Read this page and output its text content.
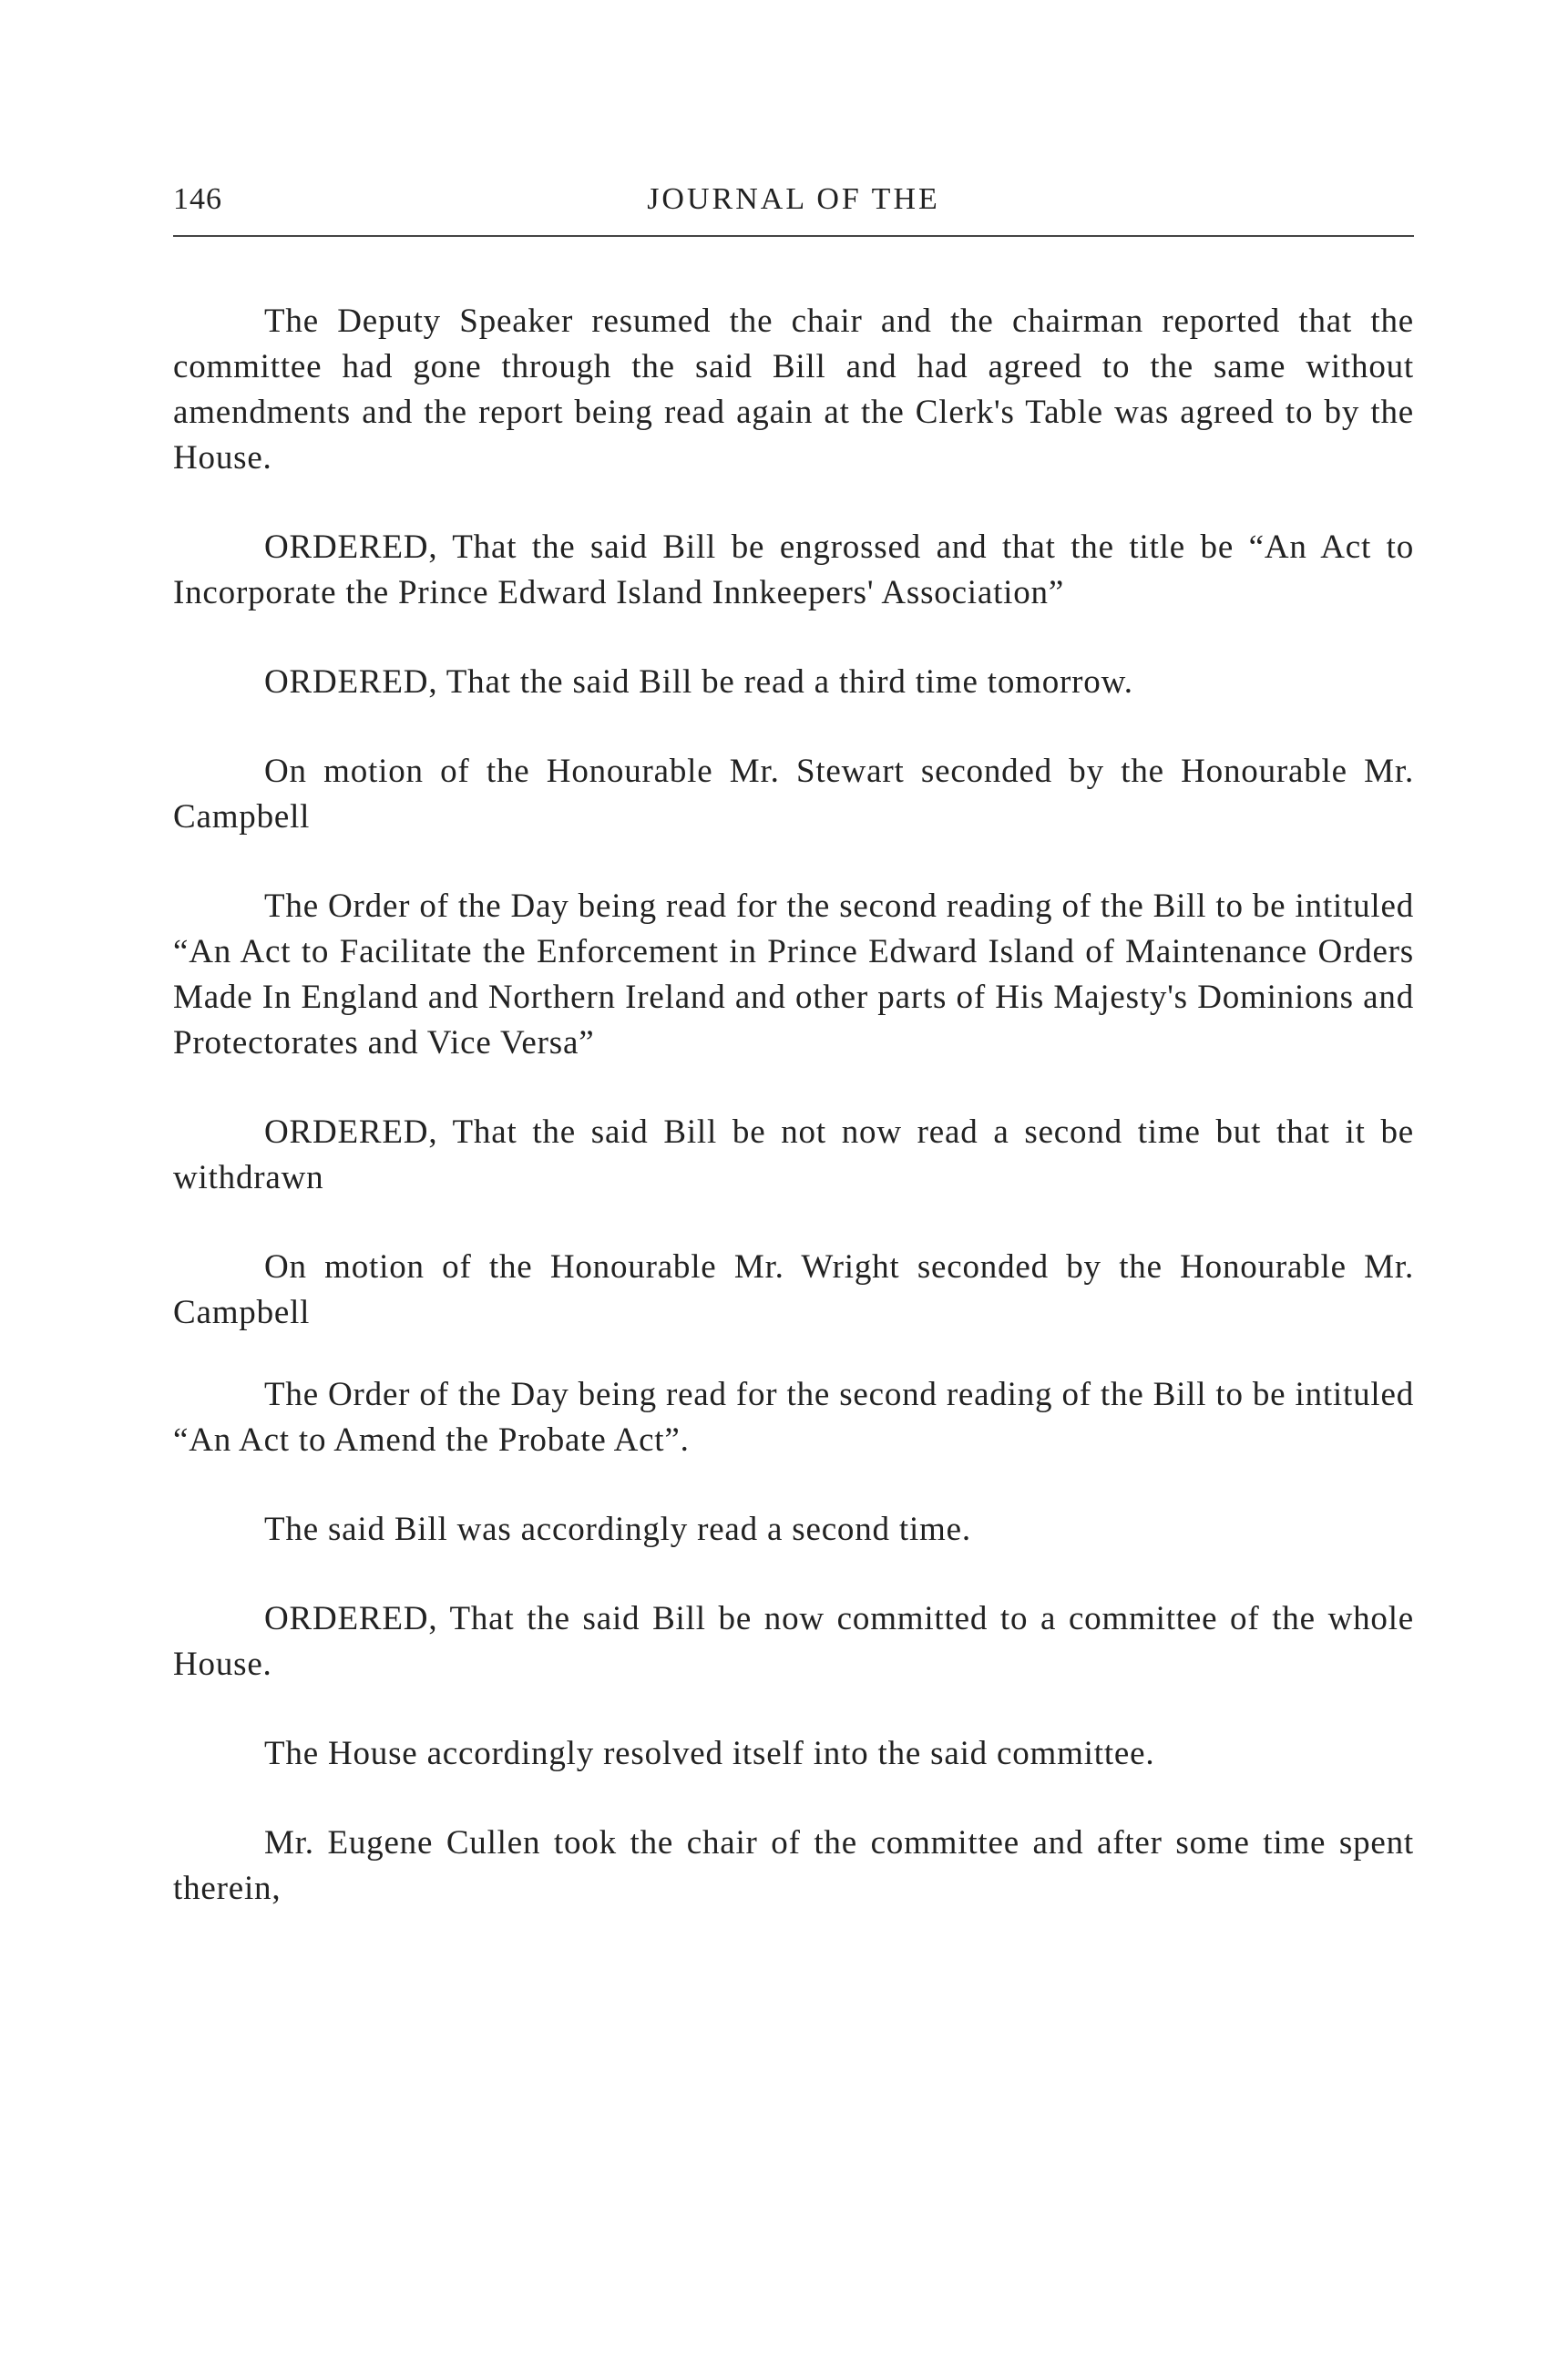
146	JOURNAL OF THE

The Deputy Speaker resumed the chair and the chairman reported that the committee had gone through the said Bill and had agreed to the same without amendments and the report being read again at the Clerk's Table was agreed to by the House.

ORDERED, That the said Bill be engrossed and that the title be “An Act to Incorporate the Prince Edward Island Innkeepers' Association”

ORDERED, That the said Bill be read a third time tomorrow.

On motion of the Honourable Mr. Stewart seconded by the Honourable Mr. Campbell

The Order of the Day being read for the second reading of the Bill to be intituled “An Act to Facilitate the Enforcement in Prince Edward Island of Maintenance Orders Made In England and Northern Ireland and other parts of His Majesty's Dominions and Protectorates and Vice Versa”

ORDERED, That the said Bill be not now read a second time but that it be withdrawn

On motion of the Honourable Mr. Wright seconded by the Honourable Mr. Campbell

The Order of the Day being read for the second reading of the Bill to be intituled “An Act to Amend the Probate Act”.

The said Bill was accordingly read a second time.

ORDERED, That the said Bill be now committed to a committee of the whole House.

The House accordingly resolved itself into the said committee.

Mr. Eugene Cullen took the chair of the committee and after some time spent therein,
